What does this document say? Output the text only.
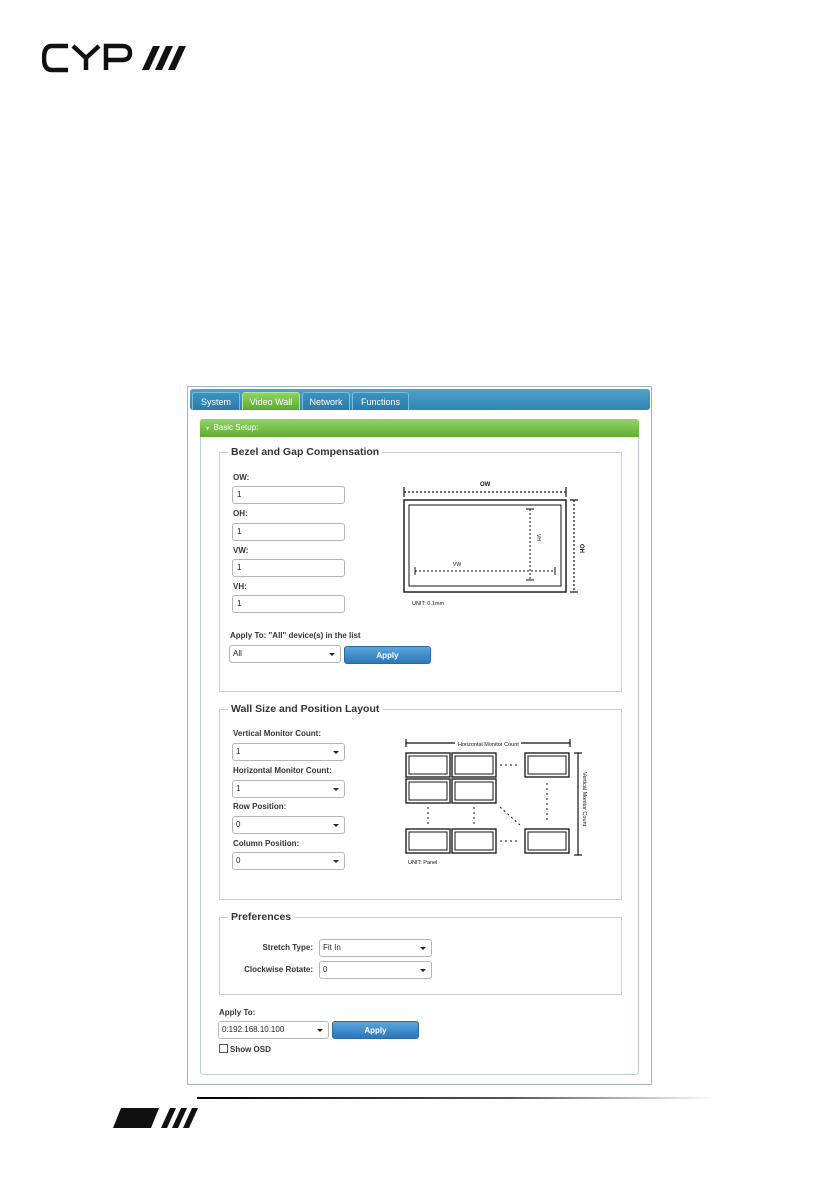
System	Video Wall	Network	Functions
▾ Basic Setup:
Bezel and Gap Compensation
OW:
1
OH:
1
VW:
1
VH:
1
OW
VW
VH
OH
UNIT: 0.1mm
Apply To: "All" device(s) in the list
All	Apply
Wall Size and Position Layout
Vertical Monitor Count:
1
Horizontal Monitor Count:
1
Row Position:
0
Column Position:
0
Horizontal Monitor Count
Vertical Monitor Count
UNIT: Panel
Preferences
Stretch Type:	Fit In
Clockwise Rotate:	0
Apply To:
0:192.168.10.100	Apply
Show OSD
